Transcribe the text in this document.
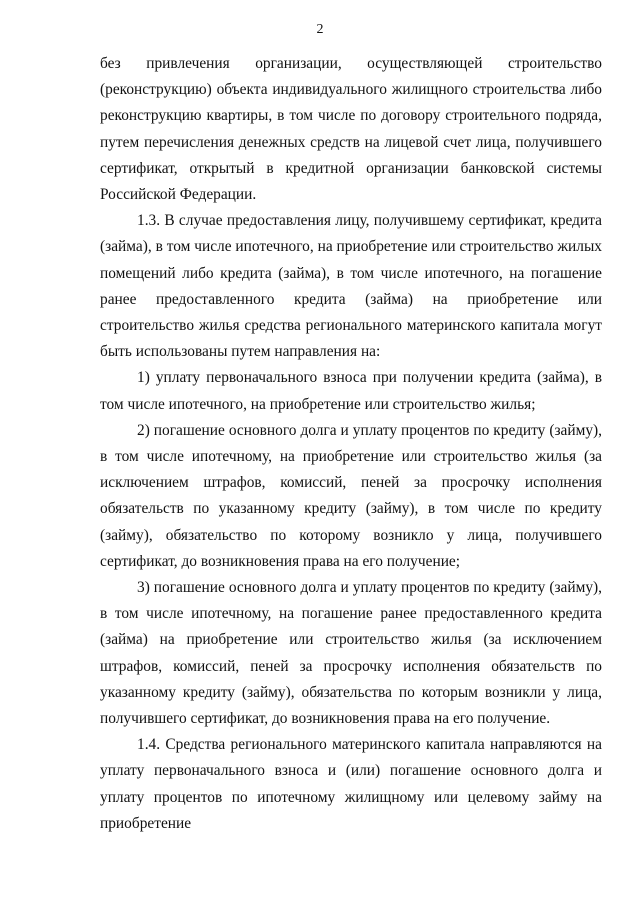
2

без привлечения организации, осуществляющей строительство (реконструкцию) объекта индивидуального жилищного строительства либо реконструкцию квартиры, в том числе по договору строительного подряда, путем перечисления денежных средств на лицевой счет лица, получившего сертификат, открытый в кредитной организации банковской системы Российской Федерации.

1.3. В случае предоставления лицу, получившему сертификат, кредита (займа), в том числе ипотечного, на приобретение или строительство жилых помещений либо кредита (займа), в том числе ипотечного, на погашение ранее предоставленного кредита (займа) на приобретение или строительство жилья средства регионального материнского капитала могут быть использованы путем направления на:

1) уплату первоначального взноса при получении кредита (займа), в том числе ипотечного, на приобретение или строительство жилья;

2) погашение основного долга и уплату процентов по кредиту (займу), в том числе ипотечному, на приобретение или строительство жилья (за исключением штрафов, комиссий, пеней за просрочку исполнения обязательств по указанному кредиту (займу), в том числе по кредиту (займу), обязательство по которому возникло у лица, получившего сертификат, до возникновения права на его получение;

3) погашение основного долга и уплату процентов по кредиту (займу), в том числе ипотечному, на погашение ранее предоставленного кредита (займа) на приобретение или строительство жилья (за исключением штрафов, комиссий, пеней за просрочку исполнения обязательств по указанному кредиту (займу), обязательства по которым возникли у лица, получившего сертификат, до возникновения права на его получение.

1.4. Средства регионального материнского капитала направляются на уплату первоначального взноса и (или) погашение основного долга и уплату процентов по ипотечному жилищному или целевому займу на приобретение
